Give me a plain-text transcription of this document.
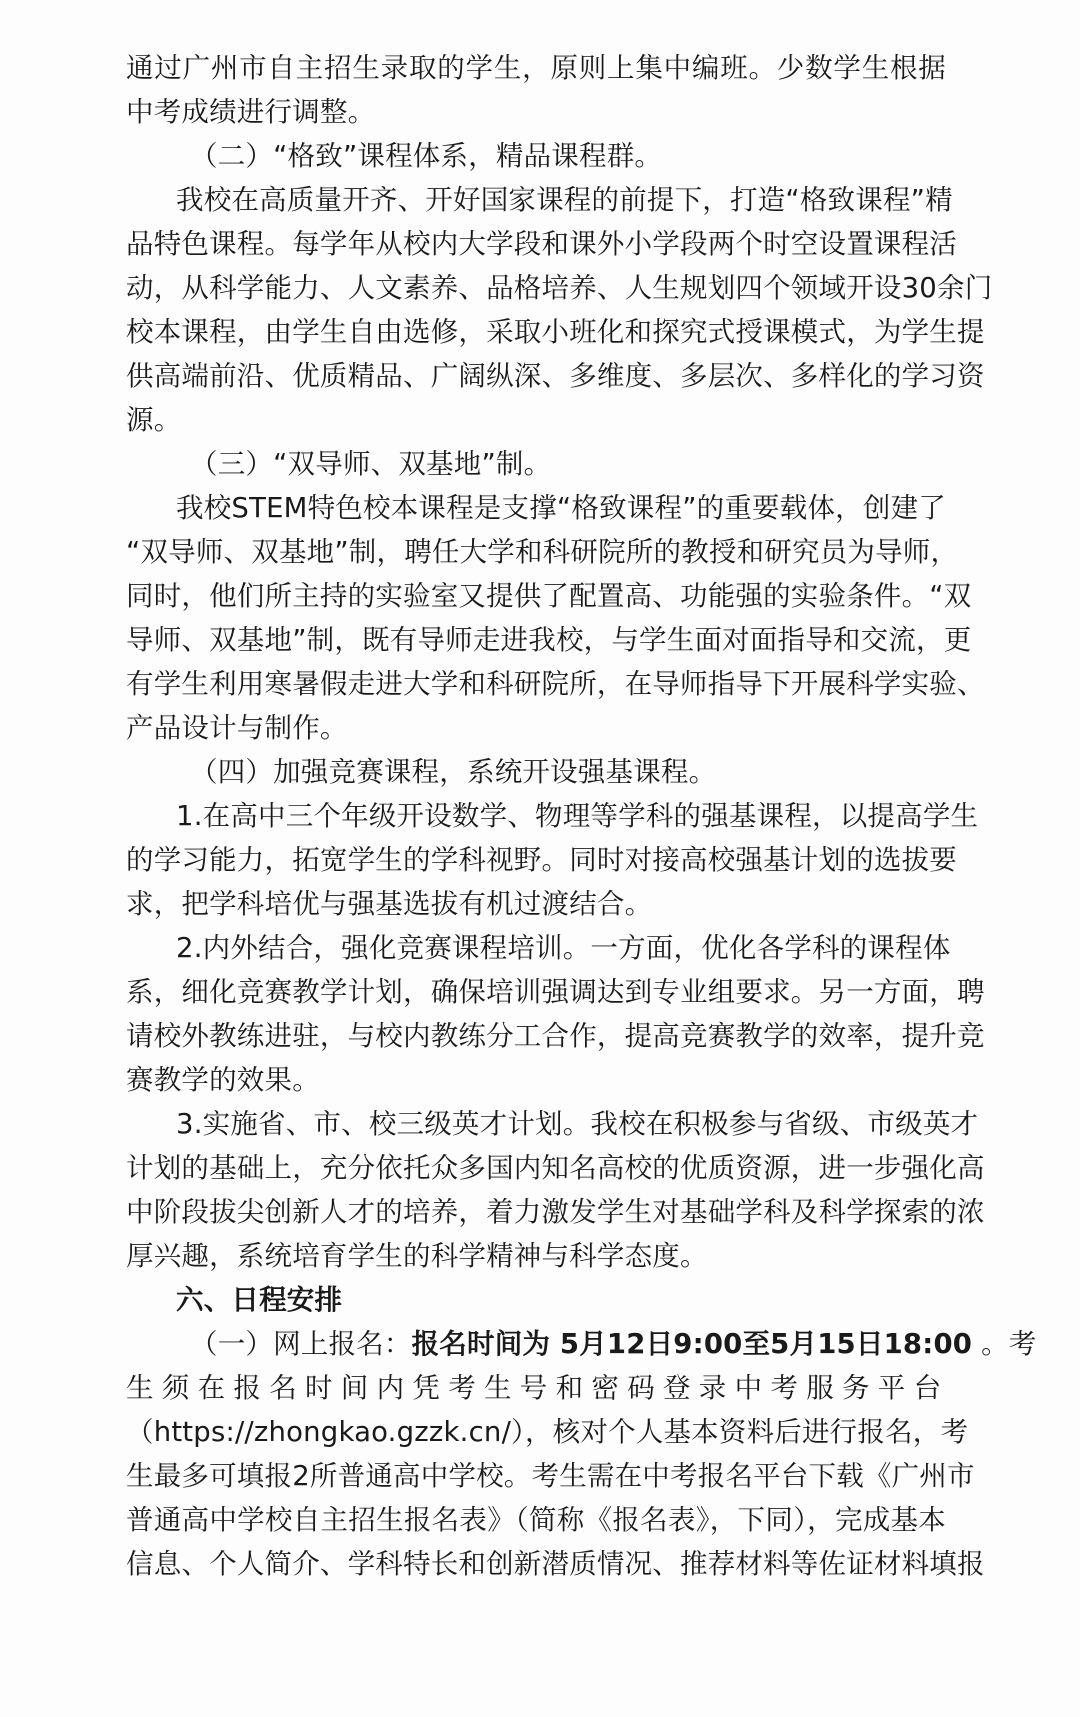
通过广州市自主招生录取的学生，原则上集中编班。少数学生根据
中考成绩进行调整。
（二）“格致”课程体系，精品课程群。
我校在高质量开齐、开好国家课程的前提下，打造“格致课程”精
品特色课程。每学年从校内大学段和课外小学段两个时空设置课程活
动，从科学能力、人文素养、品格培养、人生规划四个领域开设30余门
校本课程，由学生自由选修，采取小班化和探究式授课模式，为学生提
供高端前沿、优质精品、广阔纵深、多维度、多层次、多样化的学习资
源。
（三）“双导师、双基地”制。
我校STEM特色校本课程是支撑“格致课程”的重要载体，创建了
“双导师、双基地”制，聘任大学和科研院所的教授和研究员为导师，
同时，他们所主持的实验室又提供了配置高、功能强的实验条件。“双
导师、双基地”制，既有导师走进我校，与学生面对面指导和交流，更
有学生利用寒暑假走进大学和科研院所，在导师指导下开展科学实验、
产品设计与制作。
（四）加强竞赛课程，系统开设强基课程。
1.在高中三个年级开设数学、物理等学科的强基课程，以提高学生
的学习能力，拓宽学生的学科视野。同时对接高校强基计划的选拔要
求，把学科培优与强基选拔有机过渡结合。
2.内外结合，强化竞赛课程培训。一方面，优化各学科的课程体
系，细化竞赛教学计划，确保培训强调达到专业组要求。另一方面，聘
请校外教练进驻，与校内教练分工合作，提高竞赛教学的效率，提升竞
赛教学的效果。
3.实施省、市、校三级英才计划。我校在积极参与省级、市级英才
计划的基础上，充分依托众多国内知名高校的优质资源，进一步强化高
中阶段拔尖创新人才的培养，着力激发学生对基础学科及科学探索的浓
厚兴趣，系统培育学生的科学精神与科学态度。
六、日程安排
（一）网上报名：报名时间为 5月12日9:00至5月15日18:00 。考
生须在报名时间内凭考生号和密码登录中考服务平台
（https://zhongkao.gzzk.cn/），核对个人基本资料后进行报名，考
生最多可填报2所普通高中学校。考生需在中考报名平台下载《广州市
普通高中学校自主招生报名表》（简称《报名表》，下同），完成基本
信息、个人简介、学科特长和创新潜质情况、推荐材料等佐证材料填报
